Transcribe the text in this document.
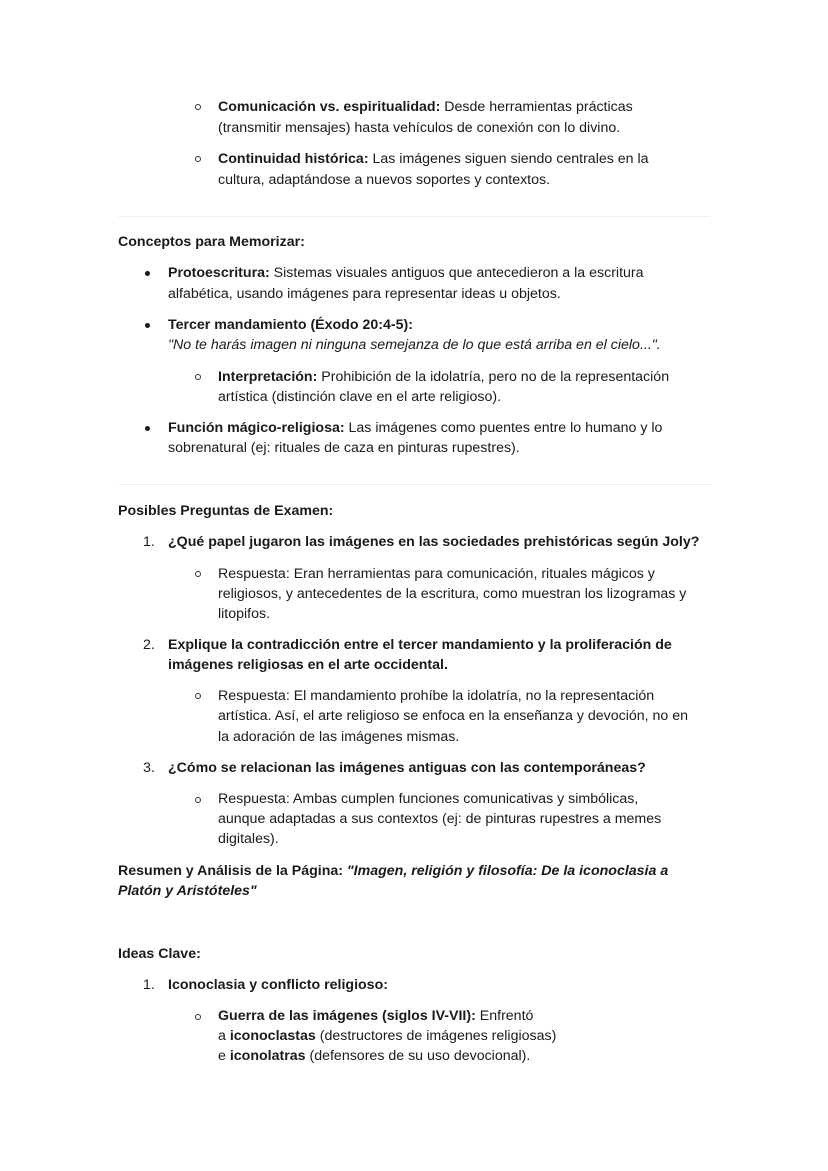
Comunicación vs. espiritualidad: Desde herramientas prácticas
(transmitir mensajes) hasta vehículos de conexión con lo divino.
Continuidad histórica: Las imágenes siguen siendo centrales en la
cultura, adaptándose a nuevos soportes y contextos.
Conceptos para Memorizar:
Protoescritura: Sistemas visuales antiguos que antecedieron a la escritura
alfabética, usando imágenes para representar ideas u objetos.
Tercer mandamiento (Éxodo 20:4-5):
"No te harás imagen ni ninguna semejanza de lo que está arriba en el cielo...".
Interpretación: Prohibición de la idolatría, pero no de la representación
artística (distinción clave en el arte religioso).
Función mágico-religiosa: Las imágenes como puentes entre lo humano y lo
sobrenatural (ej: rituales de caza en pinturas rupestres).
Posibles Preguntas de Examen:
1. ¿Qué papel jugaron las imágenes en las sociedades prehistóricas según Joly?
Respuesta: Eran herramientas para comunicación, rituales mágicos y
religiosos, y antecedentes de la escritura, como muestran los lizogramas y
litopifos.
2. Explique la contradicción entre el tercer mandamiento y la proliferación de
imágenes religiosas en el arte occidental.
Respuesta: El mandamiento prohíbe la idolatría, no la representación
artística. Así, el arte religioso se enfoca en la enseñanza y devoción, no en
la adoración de las imágenes mismas.
3. ¿Cómo se relacionan las imágenes antiguas con las contemporáneas?
Respuesta: Ambas cumplen funciones comunicativas y simbólicas,
aunque adaptadas a sus contextos (ej: de pinturas rupestres a memes
digitales).
Resumen y Análisis de la Página: "Imagen, religión y filosofía: De la iconoclasia a
Platón y Aristóteles"
Ideas Clave:
1. Iconoclasia y conflicto religioso:
Guerra de las imágenes (siglos IV-VII): Enfrentó
a iconoclastas (destructores de imágenes religiosas)
e iconolatras (defensores de su uso devocional).
